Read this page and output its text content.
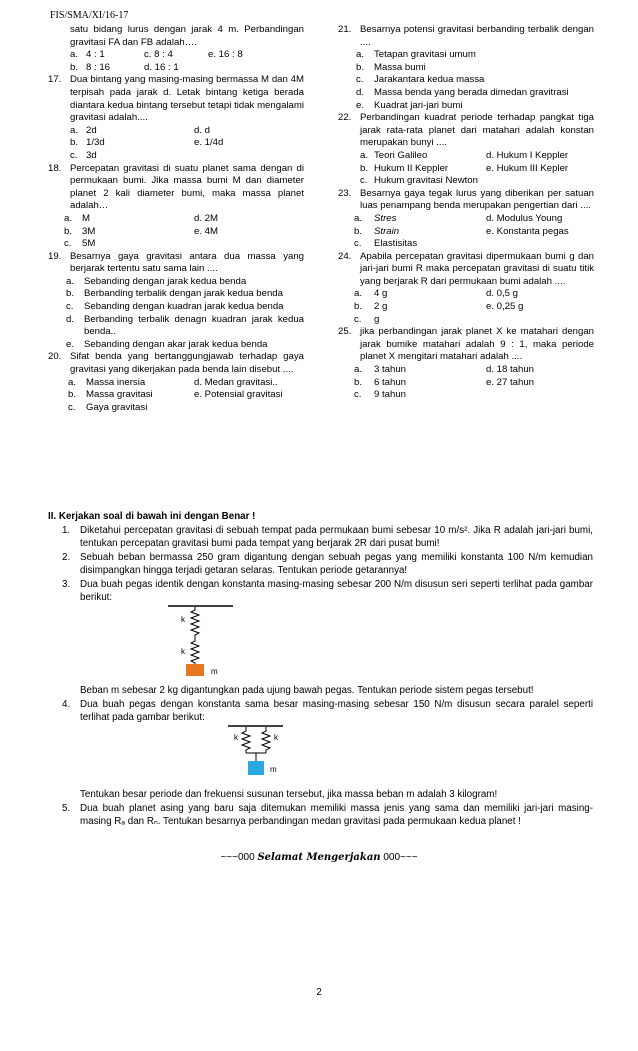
FIS/SMA/XI/16-17
satu bidang lurus dengan jarak 4 m. Perbandingan gravitasi FA dan FB adalah….
a. 4 : 1	c. 8 : 4	e. 16 : 8
b. 8 : 16	d. 16 : 1
17. Dua bintang yang masing-masing bermassa M dan 4M terpisah pada jarak d. Letak bintang ketiga berada diantara kedua bintang tersebut tetapi tidak mengalami gravitasi adalah....
a. 2d	d. d
b. 1/3d	e. 1/4d
c. 3d
18. Percepatan gravitasi di suatu planet sama dengan di permukaan bumi. Jika massa bumi M dan diameter planet 2 kali diameter bumi, maka massa planet adalah…
a. M	d. 2M
b. 3M	e. 4M
c. 5M
19. Besarnya gaya gravitasi antara dua massa yang berjarak tertentu satu sama lain ....
a. Sebanding dengan jarak kedua benda
b. Berbanding terbalik dengan jarak kedua benda
c. Sebanding dengan kuadran jarak kedua benda
d. Berbanding terbalik denagn kuadran jarak kedua benda..
e. Sebanding dengan akar jarak kedua benda
20. Sifat benda yang bertanggungjawab terhadap gaya gravitasi yang dikerjakan pada benda lain disebut ....
a. Massa inersia	d. Medan gravitasi..
b. Massa gravitasi	e. Potensial gravitasi
c. Gaya gravitasi
21. Besarnya potensi gravitasi berbanding terbalik dengan ....
a. Tetapan gravitasi umum
b. Massa bumi
c. Jarakantara kedua massa
d. Massa benda yang berada dimedan gravitrasi
e. Kuadrat jari-jari bumi
22. Perbandingan kuadrat periode terhadap pangkat tiga jarak rata-rata planet dari matahari adalah konstan merupakan bunyi ....
a. Teori Galileo	d. Hukum I Keppler
b. Hukum II Keppler	e. Hukum III Kepler
c. Hukum gravitasi Newton
23. Besarnya gaya tegak lurus yang diberikan per satuan luas penampang benda merupakan pengertian dari ....
a. Stres	d. Modulus Young
b. Strain	e. Konstanta pegas
c. Elastisitas
24. Apabila percepatan gravitasi dipermukaan bumi g dan jari-jari bumi R maka percepatan gravitasi di suatu titik yang berjarak R dari permukaan bumi adalah ....
a. 4 g	d. 0,5 g
b. 2 g	e. 0,25 g
c. g
25. jika perbandingan jarak planet X ke matahari dengan jarak bumike matahari adalah 9 : 1, maka periode planet X mengitari matahari adalah ....
a. 3 tahun	d. 18 tahun
b. 6 tahun	e. 27 tahun
c. 9 tahun
II. Kerjakan soal di bawah ini dengan Benar !
1. Diketahui percepatan gravitasi di sebuah tempat pada permukaan bumi sebesar 10 m/s². Jika R adalah jari-jari bumi, tentukan percepatan gravitasi bumi pada tempat yang berjarak 2R dari pusat bumi!
2. Sebuah beban bermassa 250 gram digantung dengan sebuah pegas yang memiliki konstanta 100 N/m kemudian disimpangkan hingga terjadi getaran selaras. Tentukan periode getarannya!
3. Dua buah pegas identik dengan konstanta masing-masing sebesar 200 N/m disusun seri seperti terlihat pada gambar berikut:
k
k
m
Beban m sebesar 2 kg digantungkan pada ujung bawah pegas. Tentukan periode sistem pegas tersebut!
4. Dua buah pegas dengan konstanta sama besar masing-masing sebesar 150 N/m disusun secara paralel seperti terlihat pada gambar berikut:
k	k
m
Tentukan besar periode dan frekuensi susunan tersebut, jika massa beban m adalah 3 kilogram!
5. Dua buah planet asing yang baru saja ditemukan memiliki massa jenis yang sama dan memiliki jari-jari masing-masing Rₐ dan Rₙ. Tentukan besarnya perbandingan medan gravitasi pada permukaan kedua planet !
~~~000 Selamat Mengerjakan 000~~~
2
